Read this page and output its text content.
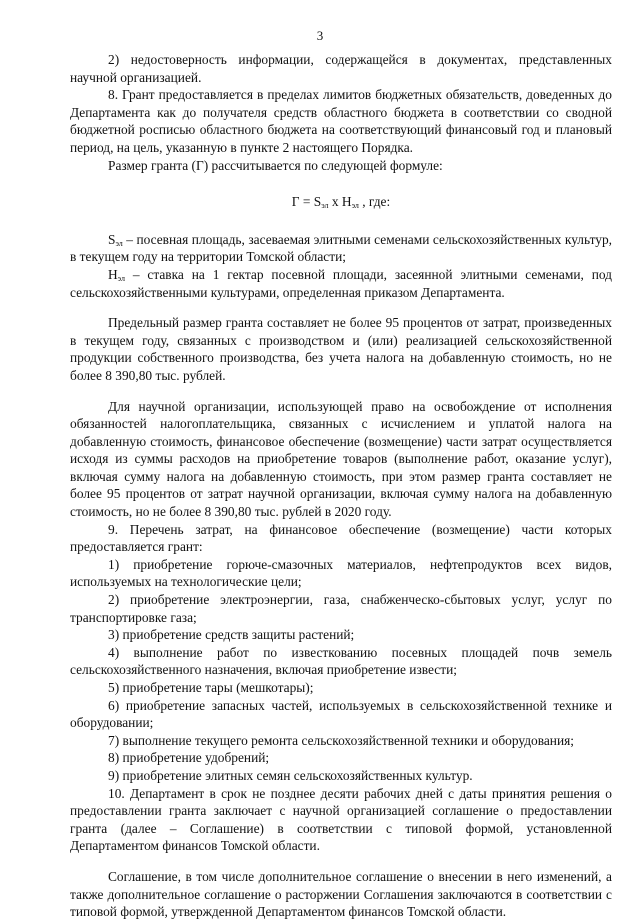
3

2) недостоверность информации, содержащейся в документах, представленных научной организацией.

8. Грант предоставляется в пределах лимитов бюджетных обязательств, доведенных до Департамента как до получателя средств областного бюджета в соответствии со сводной бюджетной росписью областного бюджета на соответствующий финансовый год и плановый период, на цель, указанную в пункте 2 настоящего Порядка.

Размер гранта (Г) рассчитывается по следующей формуле:

$Г = S_{эл}$ х $Н_{эл}$ , где:

$S_{эл}$ – посевная площадь, засеваемая элитными семенами сельскохозяйственных культур, в текущем году на территории Томской области;

$Н_{эл}$ – ставка на 1 гектар посевной площади, засеянной элитными семенами, под сельскохозяйственными культурами, определенная приказом Департамента.

Предельный размер гранта составляет не более 95 процентов от затрат, произведенных в текущем году, связанных с производством и (или) реализацией сельскохозяйственной продукции собственного производства, без учета налога на добавленную стоимость, но не более 8 390,80 тыс. рублей.

Для научной организации, использующей право на освобождение от исполнения обязанностей налогоплательщика, связанных с исчислением и уплатой налога на добавленную стоимость, финансовое обеспечение (возмещение) части затрат осуществляется исходя из суммы расходов на приобретение товаров (выполнение работ, оказание услуг), включая сумму налога на добавленную стоимость, при этом размер гранта составляет не более 95 процентов от затрат научной организации, включая сумму налога на добавленную стоимость, но не более 8 390,80 тыс. рублей в 2020 году.

9. Перечень затрат, на финансовое обеспечение (возмещение) части которых предоставляется грант:

1) приобретение горюче-смазочных материалов, нефтепродуктов всех видов, используемых на технологические цели;

2) приобретение электроэнергии, газа, снабженческо-сбытовых услуг, услуг по транспортировке газа;

3) приобретение средств защиты растений;

4) выполнение работ по известкованию посевных площадей почв земель сельскохозяйственного назначения, включая приобретение извести;

5) приобретение тары (мешкотары);

6) приобретение запасных частей, используемых в сельскохозяйственной технике и оборудовании;

7) выполнение текущего ремонта сельскохозяйственной техники и оборудования;

8) приобретение удобрений;

9) приобретение элитных семян сельскохозяйственных культур.

10. Департамент в срок не позднее десяти рабочих дней с даты принятия решения о предоставлении гранта заключает с научной организацией соглашение о предоставлении гранта (далее – Соглашение) в соответствии с типовой формой, установленной Департаментом финансов Томской области.

Соглашение, в том числе дополнительное соглашение о внесении в него изменений, а также дополнительное соглашение о расторжении Соглашения заключаются в соответствии с типовой формой, утвержденной Департаментом финансов Томской области.
